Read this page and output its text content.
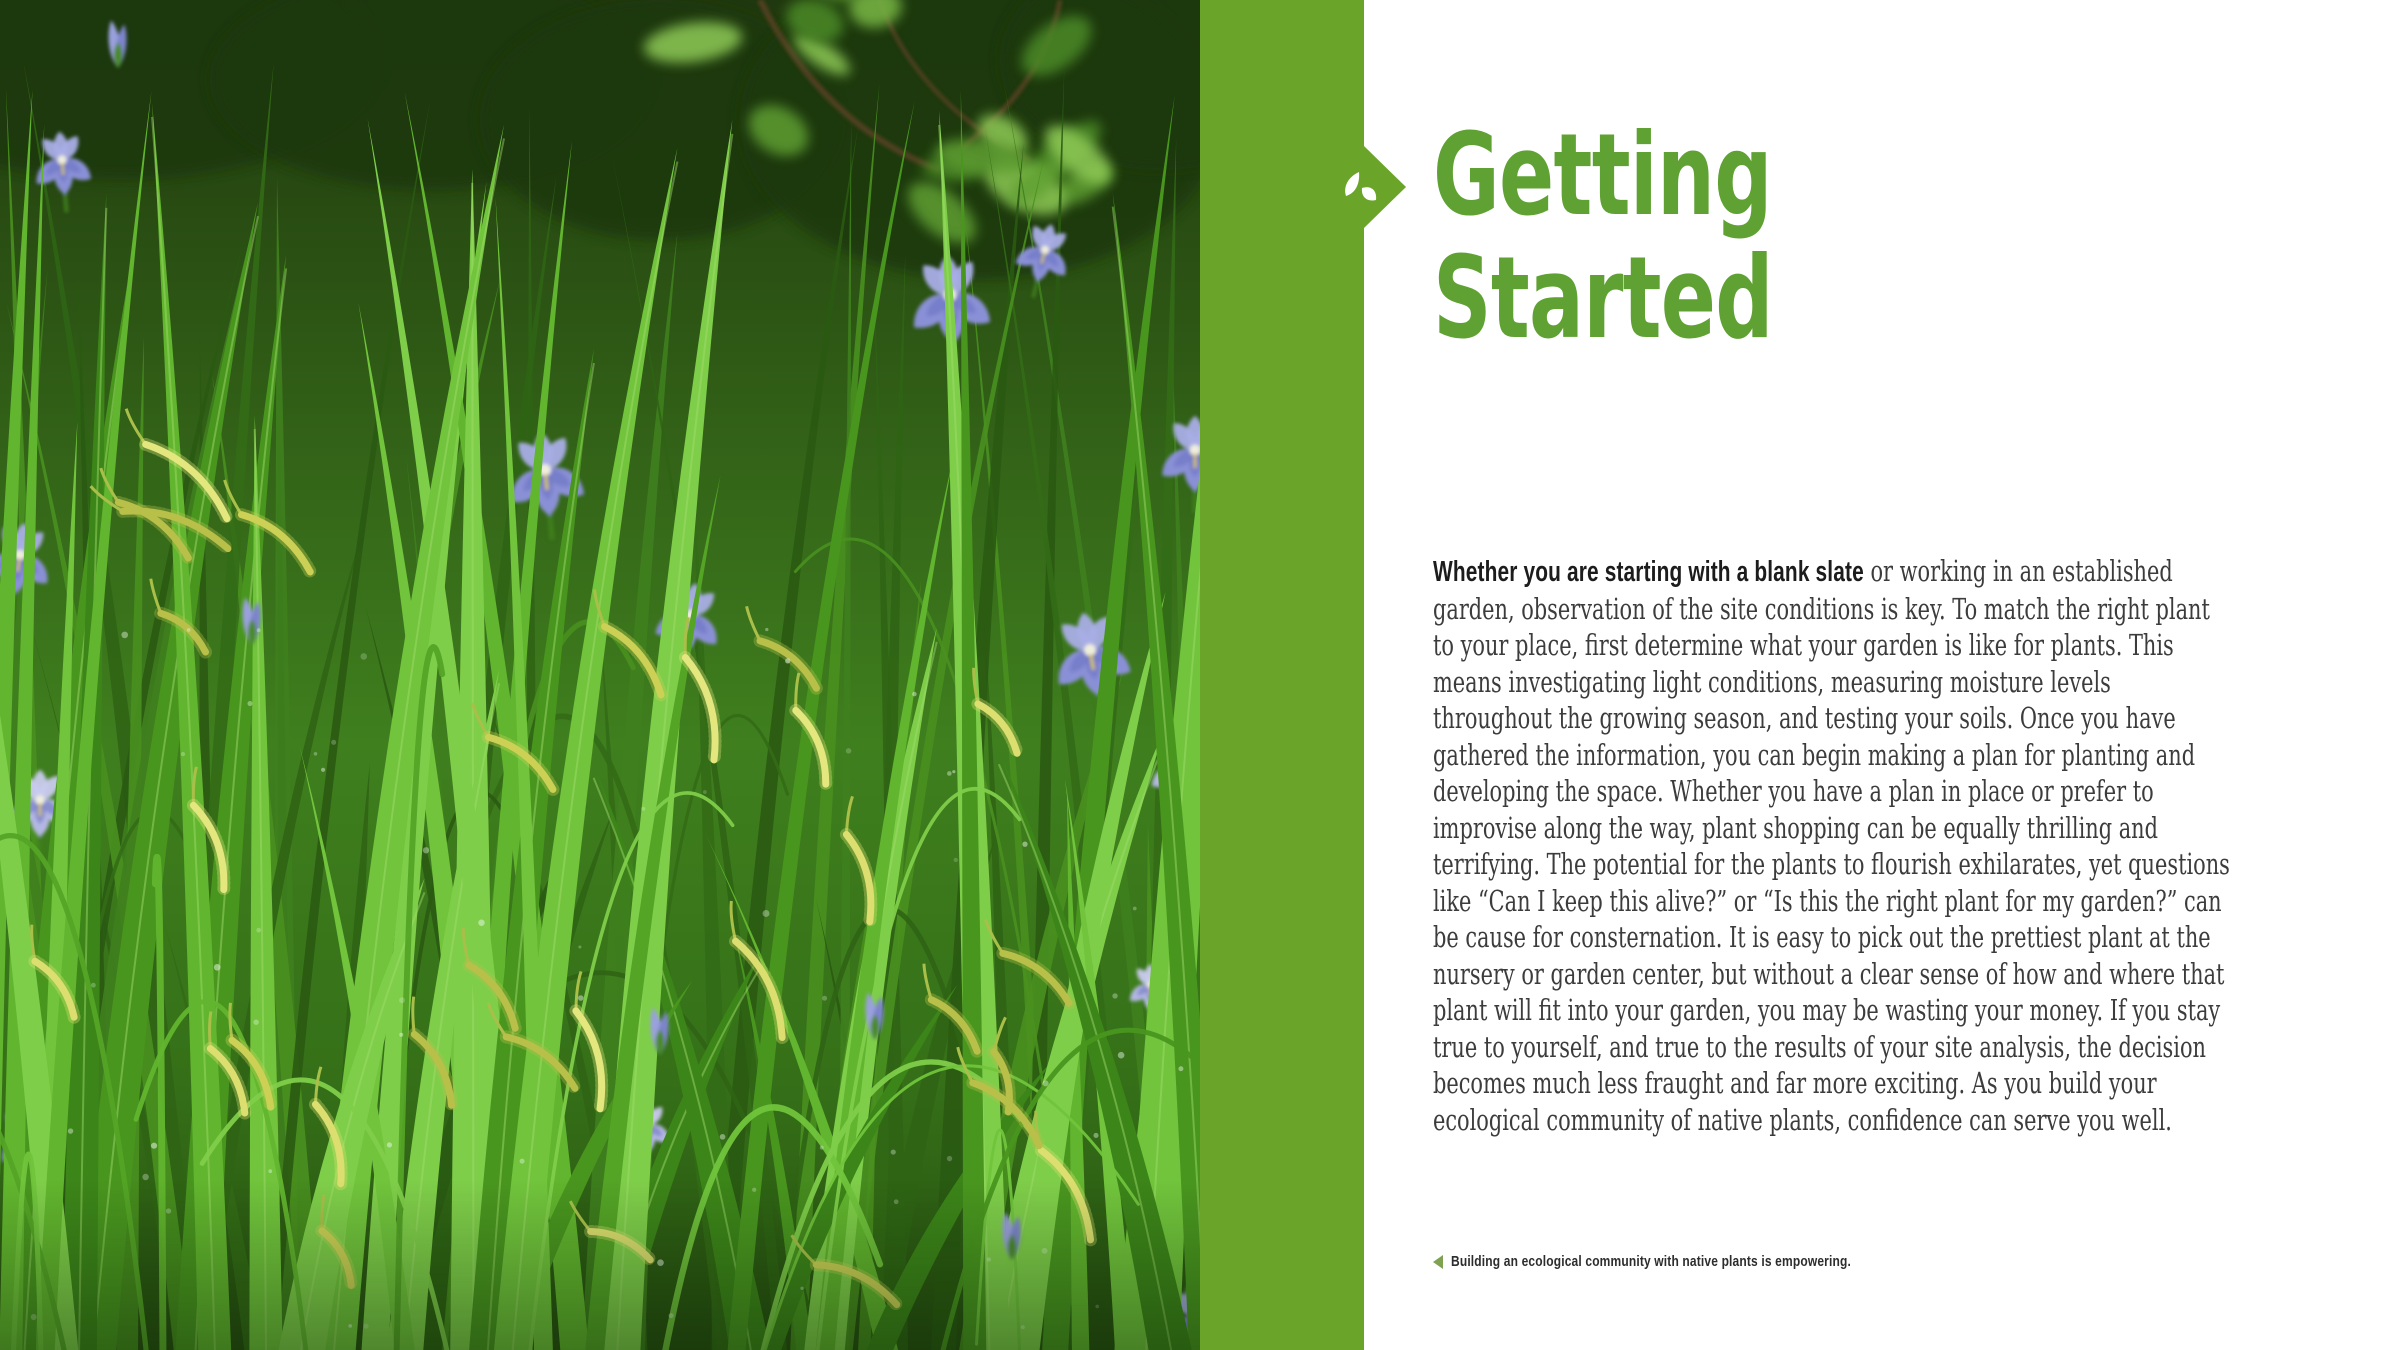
Getting
Started

Whether you are starting with a blank slate or working in an established garden, observation of the site conditions is key. To match the right plant to your place, first determine what your garden is like for plants. This means investigating light conditions, measuring moisture levels throughout the growing season, and testing your soils. Once you have gathered the information, you can begin making a plan for planting and developing the space. Whether you have a plan in place or prefer to improvise along the way, plant shopping can be equally thrilling and terrifying. The potential for the plants to flourish exhilarates, yet questions like “Can I keep this alive?” or “Is this the right plant for my garden?” can be cause for consternation. It is easy to pick out the prettiest plant at the nursery or garden center, but without a clear sense of how and where that plant will fit into your garden, you may be wasting your money. If you stay true to yourself, and true to the results of your site analysis, the decision becomes much less fraught and far more exciting. As you build your ecological community of native plants, confidence can serve you well.

Building an ecological community with native plants is empowering.
